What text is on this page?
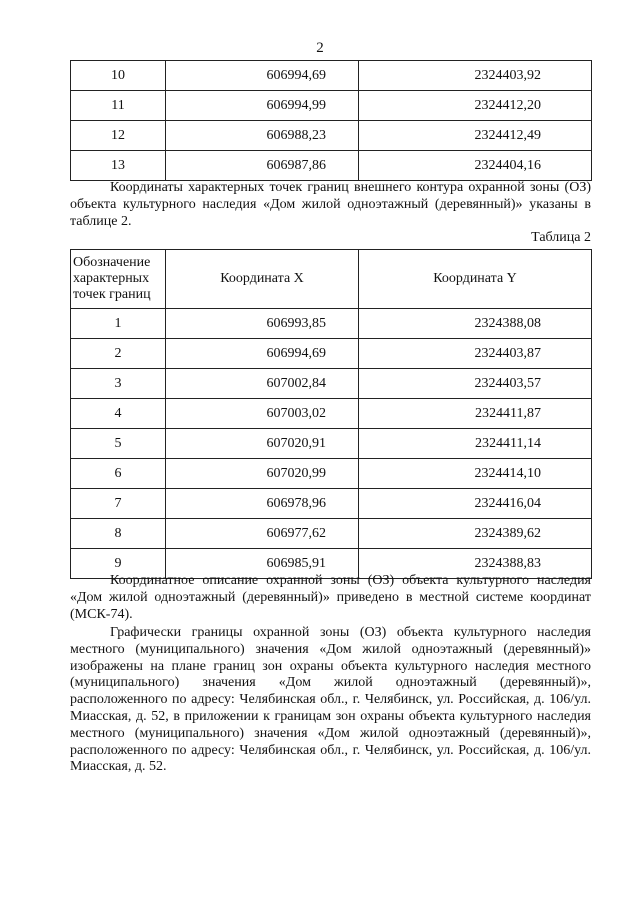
2
10	606994,69	2324403,92
11	606994,99	2324412,20
12	606988,23	2324412,49
13	606987,86	2324404,16

Координаты характерных точек границ внешнего контура охранной зоны (ОЗ) объекта культурного наследия «Дом жилой одноэтажный (деревянный)» указаны в таблице 2.

Таблица 2
Обозначение характерных точек границ	Координата X	Координата Y
1	606993,85	2324388,08
2	606994,69	2324403,87
3	607002,84	2324403,57
4	607003,02	2324411,87
5	607020,91	2324411,14
6	607020,99	2324414,10
7	606978,96	2324416,04
8	606977,62	2324389,62
9	606985,91	2324388,83

Координатное описание охранной зоны (ОЗ) объекта культурного наследия «Дом жилой одноэтажный (деревянный)» приведено в местной системе координат (МСК-74).

Графически границы охранной зоны (ОЗ) объекта культурного наследия местного (муниципального) значения «Дом жилой одноэтажный (деревянный)» изображены на плане границ зон охраны объекта культурного наследия местного (муниципального) значения «Дом жилой одноэтажный (деревянный)», расположенного по адресу: Челябинская обл., г. Челябинск, ул. Российская, д. 106/ул. Миасская, д. 52, в приложении к границам зон охраны объекта культурного наследия местного (муниципального) значения «Дом жилой одноэтажный (деревянный)», расположенного по адресу: Челябинская обл., г. Челябинск, ул. Российская, д. 106/ул. Миасская, д. 52.
